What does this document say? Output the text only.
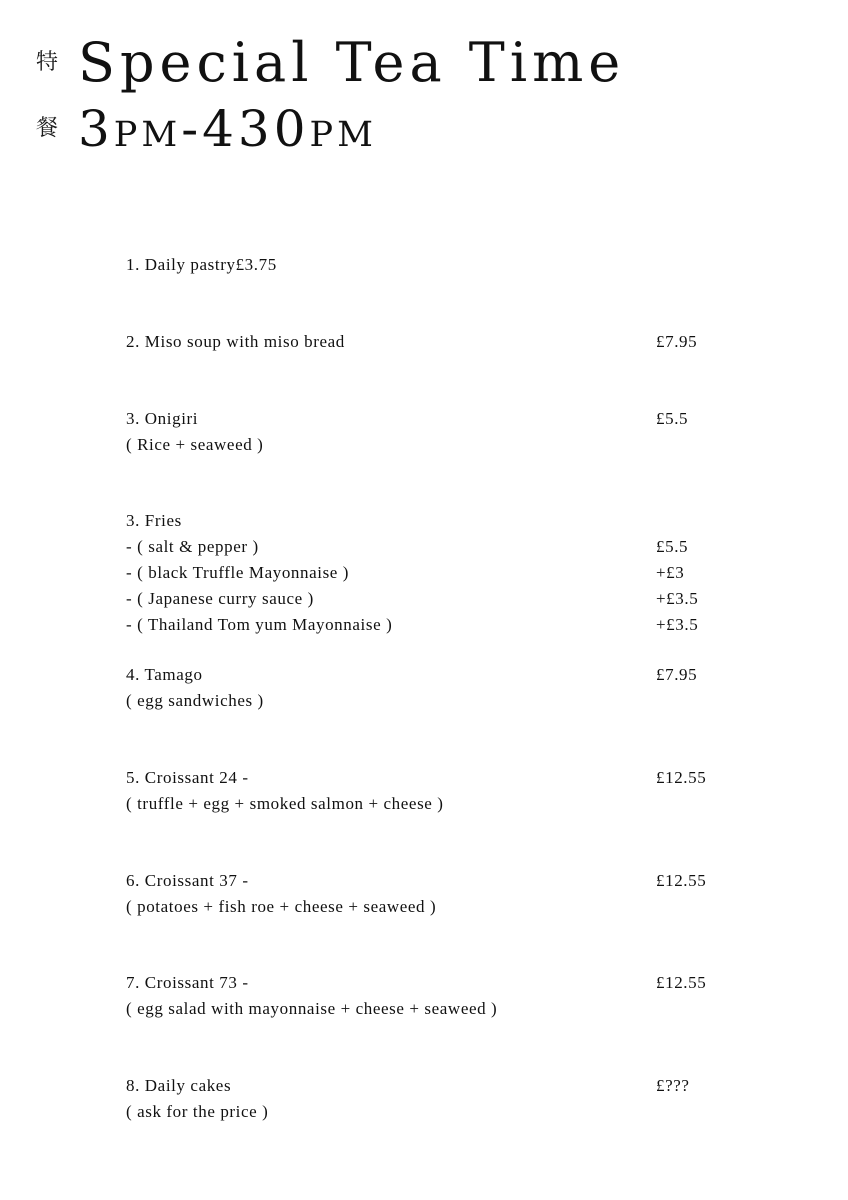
特 Special Tea Time
餐 3pm-430pm
1. Daily pastry £3.75
2. Miso soup with miso bread	£7.95
3. Onigiri	£5.5
( Rice + seaweed )
3. Fries
- ( salt & pepper )	£5.5
- ( black Truffle Mayonnaise )	+£3
- ( Japanese curry sauce )	+£3.5
- ( Thailand Tom yum Mayonnaise )	+£3.5
4. Tamago	£7.95
( egg sandwiches )
5. Croissant 24 -	£12.55
( truffle + egg + smoked salmon + cheese )
6. Croissant 37 -	£12.55
( potatoes + fish roe + cheese + seaweed )
7. Croissant 73 -	£12.55
( egg salad with mayonnaise + cheese + seaweed )
8. Daily cakes	£???
( ask for the price )
